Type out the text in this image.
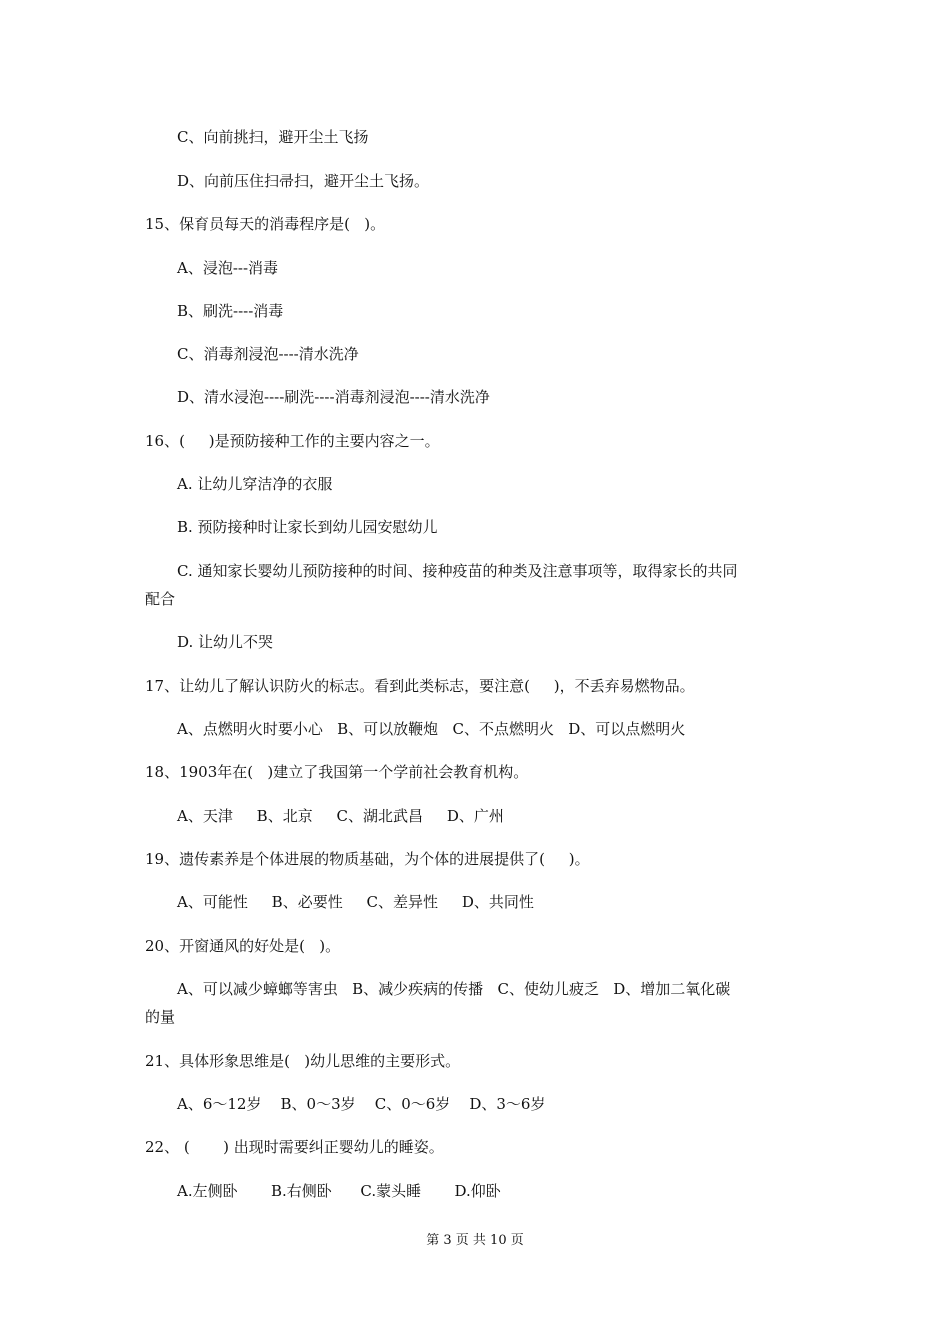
C、向前挑扫，避开尘土飞扬
D、向前压住扫帚扫，避开尘土飞扬。
15、保育员每天的消毒程序是(   )。
A、浸泡---消毒
B、刷洗----消毒
C、消毒剂浸泡----清水洗净
D、清水浸泡----刷洗----消毒剂浸泡----清水洗净
16、(     )是预防接种工作的主要内容之一。
A. 让幼儿穿洁净的衣服
B. 预防接种时让家长到幼儿园安慰幼儿
C. 通知家长婴幼儿预防接种的时间、接种疫苗的种类及注意事项等，取得家长的共同
配合
D. 让幼儿不哭
17、让幼儿了解认识防火的标志。看到此类标志，要注意(     )，不丢弃易燃物品。
A、点燃明火时要小心   B、可以放鞭炮   C、不点燃明火   D、可以点燃明火
18、1903年在(   )建立了我国第一个学前社会教育机构。
A、天津     B、北京     C、湖北武昌     D、广州
19、遗传素养是个体进展的物质基础，为个体的进展提供了(     )。
A、可能性     B、必要性     C、差异性     D、共同性
20、开窗通风的好处是(   )。
A、可以减少蟑螂等害虫   B、减少疾病的传播   C、使幼儿疲乏   D、增加二氧化碳
的量
21、具体形象思维是(   )幼儿思维的主要形式。
A、6～12岁    B、0～3岁    C、0～6岁    D、3～6岁
22、 (       ) 出现时需要纠正婴幼儿的睡姿。
A.左侧卧       B.右侧卧      C.蒙头睡       D.仰卧
第 3 页 共 10 页
